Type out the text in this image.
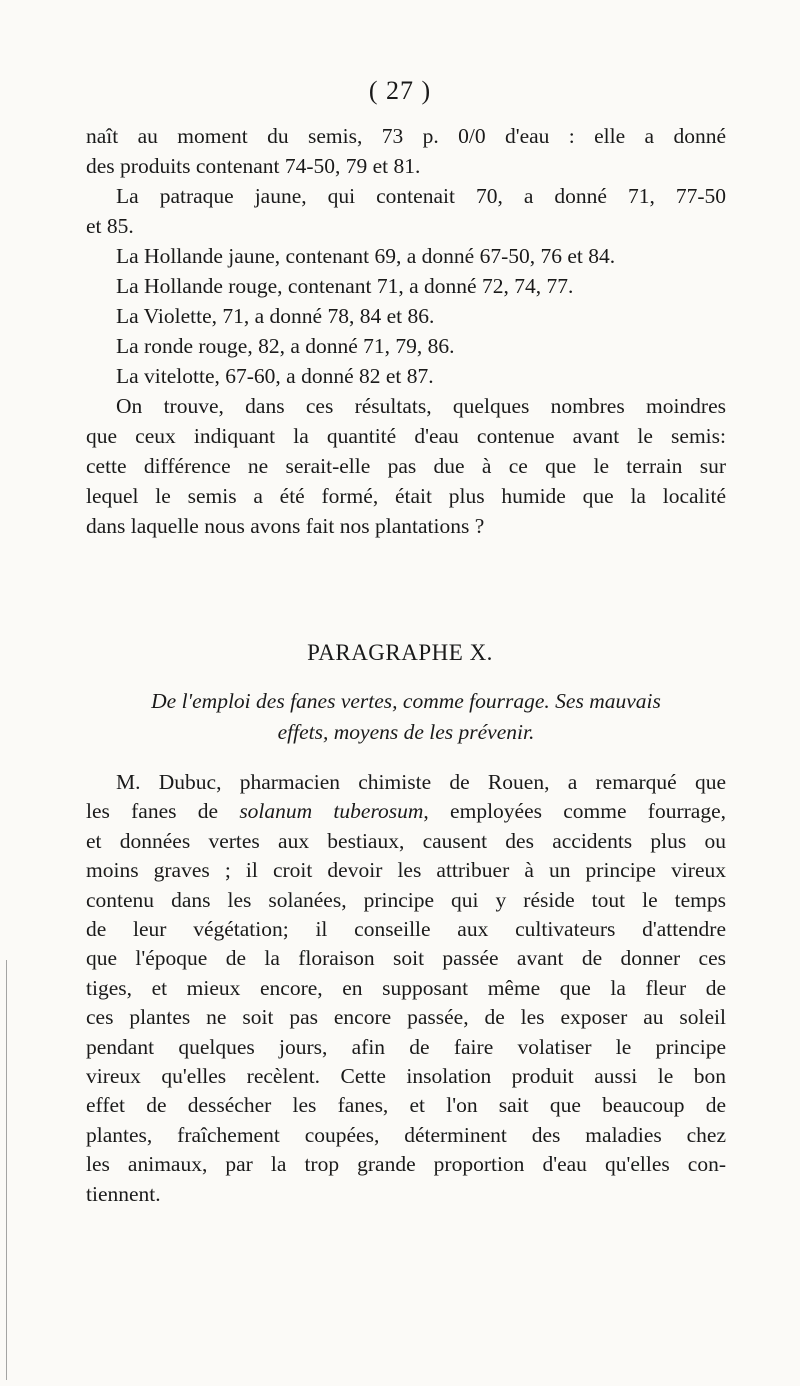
( 27 )
naît au moment du semis, 73 p. 0/0 d'eau : elle a donné
des produits contenant 74-50, 79 et 81.
La patraque jaune, qui contenait 70, a donné 71, 77-50
et 85.
La Hollande jaune, contenant 69, a donné 67-50, 76 et 84.
La Hollande rouge, contenant 71, a donné 72, 74, 77.
La Violette, 71, a donné 78, 84 et 86.
La ronde rouge, 82, a donné 71, 79, 86.
La vitelotte, 67-60, a donné 82 et 87.
On trouve, dans ces résultats, quelques nombres moindres
que ceux indiquant la quantité d'eau contenue avant le semis:
cette différence ne serait-elle pas due à ce que le terrain sur
lequel le semis a été formé, était plus humide que la localité
dans laquelle nous avons fait nos plantations ?
PARAGRAPHE X.
De l'emploi des fanes vertes, comme fourrage. Ses mauvais
effets, moyens de les prévenir.
M. Dubuc, pharmacien chimiste de Rouen, a remarqué que
les fanes de solanum tuberosum, employées comme fourrage,
et données vertes aux bestiaux, causent des accidents plus ou
moins graves ; il croit devoir les attribuer à un principe vireux
contenu dans les solanées, principe qui y réside tout le temps
de leur végétation; il conseille aux cultivateurs d'attendre
que l'époque de la floraison soit passée avant de donner ces
tiges, et mieux encore, en supposant même que la fleur de
ces plantes ne soit pas encore passée, de les exposer au soleil
pendant quelques jours, afin de faire volatiser le principe
vireux qu'elles recèlent. Cette insolation produit aussi le bon
effet de dessécher les fanes, et l'on sait que beaucoup de
plantes, fraîchement coupées, déterminent des maladies chez
les animaux, par la trop grande proportion d'eau qu'elles con-
tiennent.
